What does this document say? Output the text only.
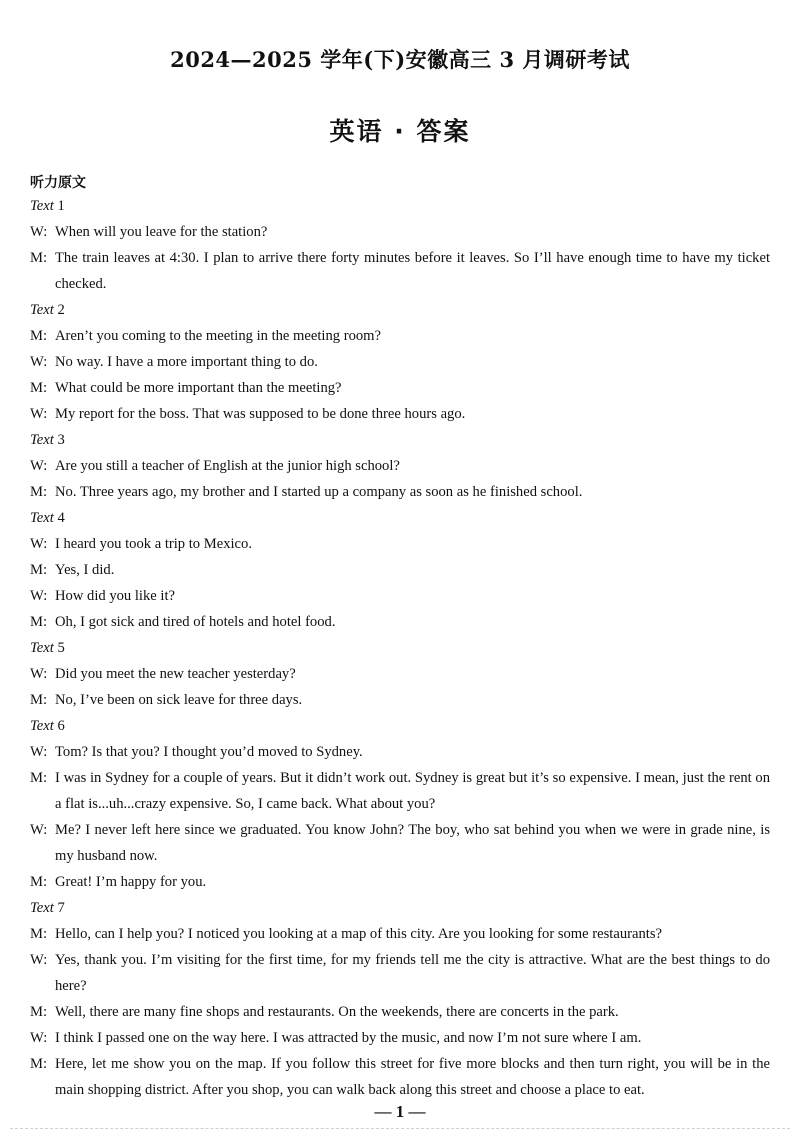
2024—2025 学年(下)安徽高三 3 月调研考试
英语 · 答案
听力原文
Text 1
W: When will you leave for the station?
M: The train leaves at 4:30. I plan to arrive there forty minutes before it leaves. So I’ll have enough time to have my ticket checked.
Text 2
M: Aren’t you coming to the meeting in the meeting room?
W: No way. I have a more important thing to do.
M: What could be more important than the meeting?
W: My report for the boss. That was supposed to be done three hours ago.
Text 3
W: Are you still a teacher of English at the junior high school?
M: No. Three years ago, my brother and I started up a company as soon as he finished school.
Text 4
W: I heard you took a trip to Mexico.
M: Yes, I did.
W: How did you like it?
M: Oh, I got sick and tired of hotels and hotel food.
Text 5
W: Did you meet the new teacher yesterday?
M: No, I’ve been on sick leave for three days.
Text 6
W: Tom? Is that you? I thought you’d moved to Sydney.
M: I was in Sydney for a couple of years. But it didn’t work out. Sydney is great but it’s so expensive. I mean, just the rent on a flat is...uh...crazy expensive. So, I came back. What about you?
W: Me? I never left here since we graduated. You know John? The boy, who sat behind you when we were in grade nine, is my husband now.
M: Great! I’m happy for you.
Text 7
M: Hello, can I help you? I noticed you looking at a map of this city. Are you looking for some restaurants?
W: Yes, thank you. I’m visiting for the first time, for my friends tell me the city is attractive. What are the best things to do here?
M: Well, there are many fine shops and restaurants. On the weekends, there are concerts in the park.
W: I think I passed one on the way here. I was attracted by the music, and now I’m not sure where I am.
M: Here, let me show you on the map. If you follow this street for five more blocks and then turn right, you will be in the main shopping district. After you shop, you can walk back along this street and choose a place to eat.
— 1 —
